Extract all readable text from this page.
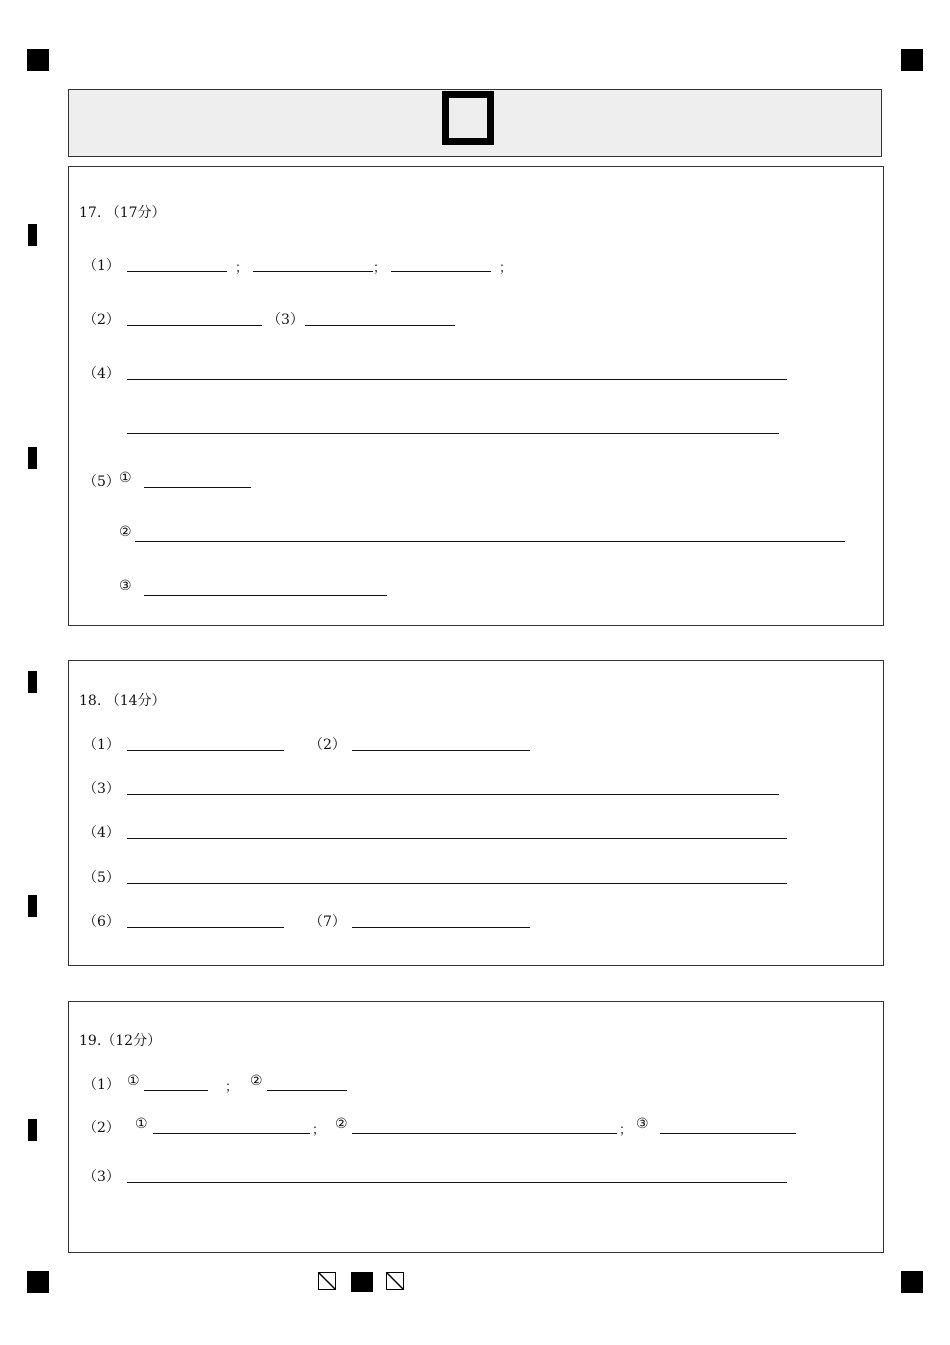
17. （17分）
（1）	；	；	；
（2）	（3）
（4）
（5） ①
②
③
18. （14分）
（1）	（2）
（3）
（4）
（5）
（6）	（7）
19.（12分）
（1） ①	； ②
（2） ①	； ②	； ③
（3）
